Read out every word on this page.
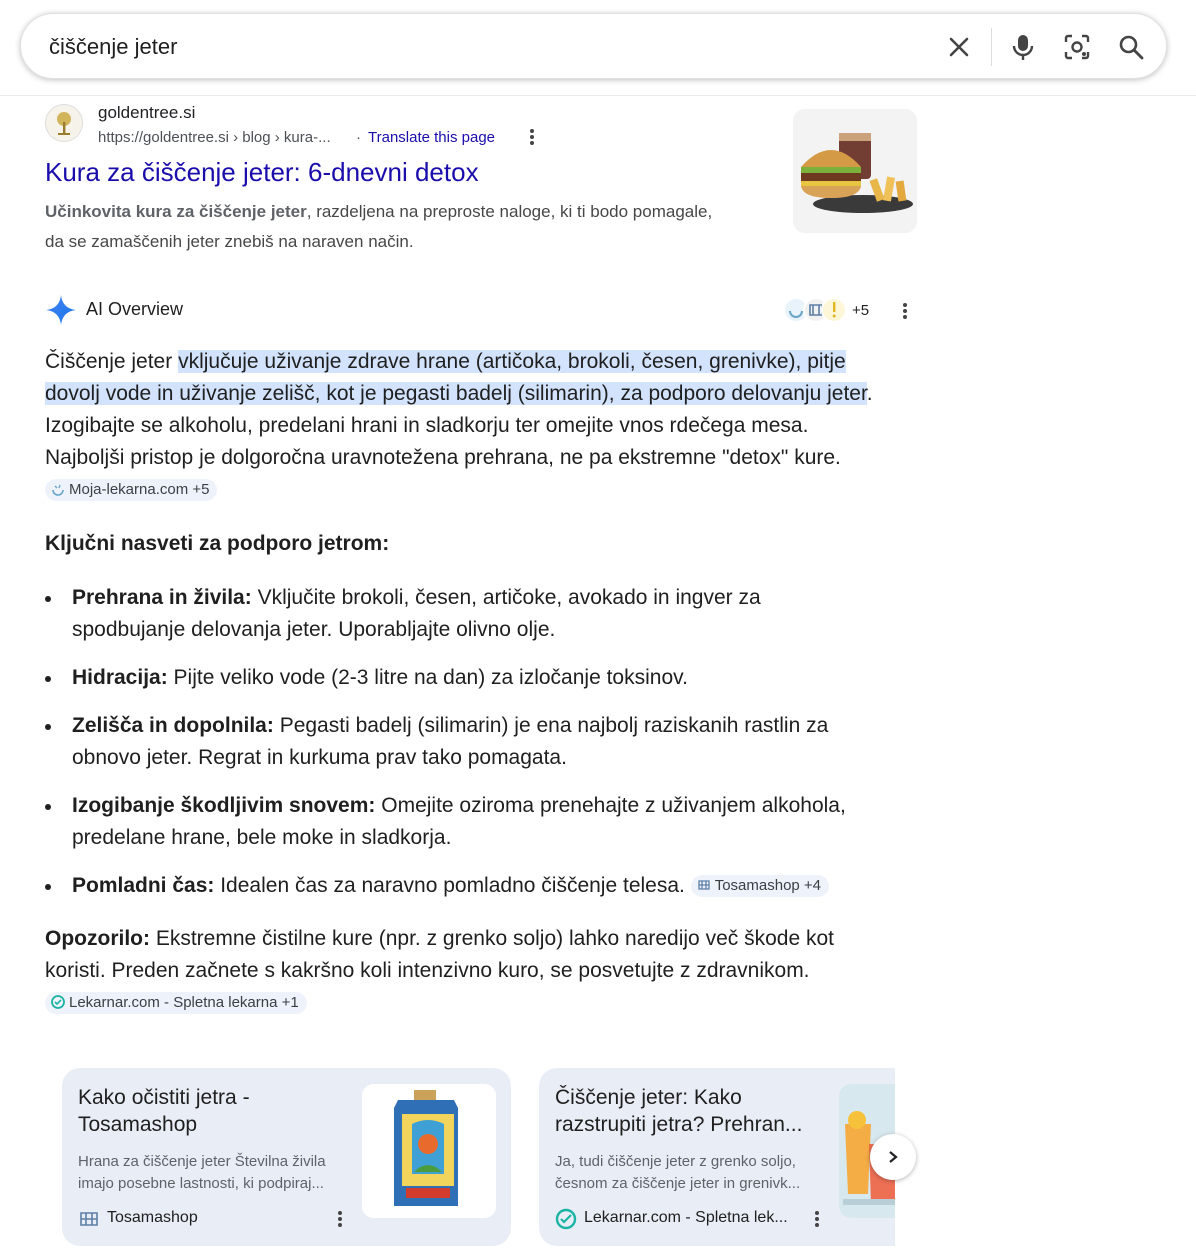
čiščenje jeter
goldentree.si
https://goldentree.si › blog › kura-... · Translate this page
Kura za čiščenje jeter: 6-dnevni detox
Učinkovita kura za čiščenje jeter, razdeljena na preproste naloge, ki ti bodo pomagale, da se zamaščenih jeter znebiš na naraven način.
AI Overview	+5
Čiščenje jeter vključuje uživanje zdrave hrane (artičoka, brokoli, česen, grenivke), pitje dovolj vode in uživanje zelišč, kot je pegasti badelj (silimarin), za podporo delovanju jeter. Izogibajte se alkoholu, predelani hrani in sladkorju ter omejite vnos rdečega mesa. Najboljši pristop je dolgoročna uravnotežena prehrana, ne pa ekstremne "detox" kure. Moja-lekarna.com +5
Ključni nasveti za podporo jetrom:
Prehrana in živila: Vključite brokoli, česen, artičoke, avokado in ingver za spodbujanje delovanja jeter. Uporabljajte olivno olje.
Hidracija: Pijte veliko vode (2-3 litre na dan) za izločanje toksinov.
Zelišča in dopolnila: Pegasti badelj (silimarin) je ena najbolj raziskanih rastlin za obnovo jeter. Regrat in kurkuma prav tako pomagata.
Izogibanje škodljivim snovem: Omejite oziroma prenehajte z uživanjem alkohola, predelane hrane, bele moke in sladkorja.
Pomladni čas: Idealen čas za naravno pomladno čiščenje telesa. Tosamashop +4
Opozorilo: Ekstremne čistilne kure (npr. z grenko soljo) lahko naredijo več škode kot koristi. Preden začnete s kakršno koli intenzivno kuro, se posvetujte z zdravnikom. Lekarnar.com - Spletna lekarna +1
Kako očistiti jetra -
Tosamashop
Hrana za čiščenje jeter Številna živila
imajo posebne lastnosti, ki podpiraj...
Tosamashop
Čiščenje jeter: Kako
razstrupiti jetra? Prehran...
Ja, tudi čiščenje jeter z grenko soljo,
česnom za čiščenje jeter in grenivk...
Lekarnar.com - Spletna lek...
